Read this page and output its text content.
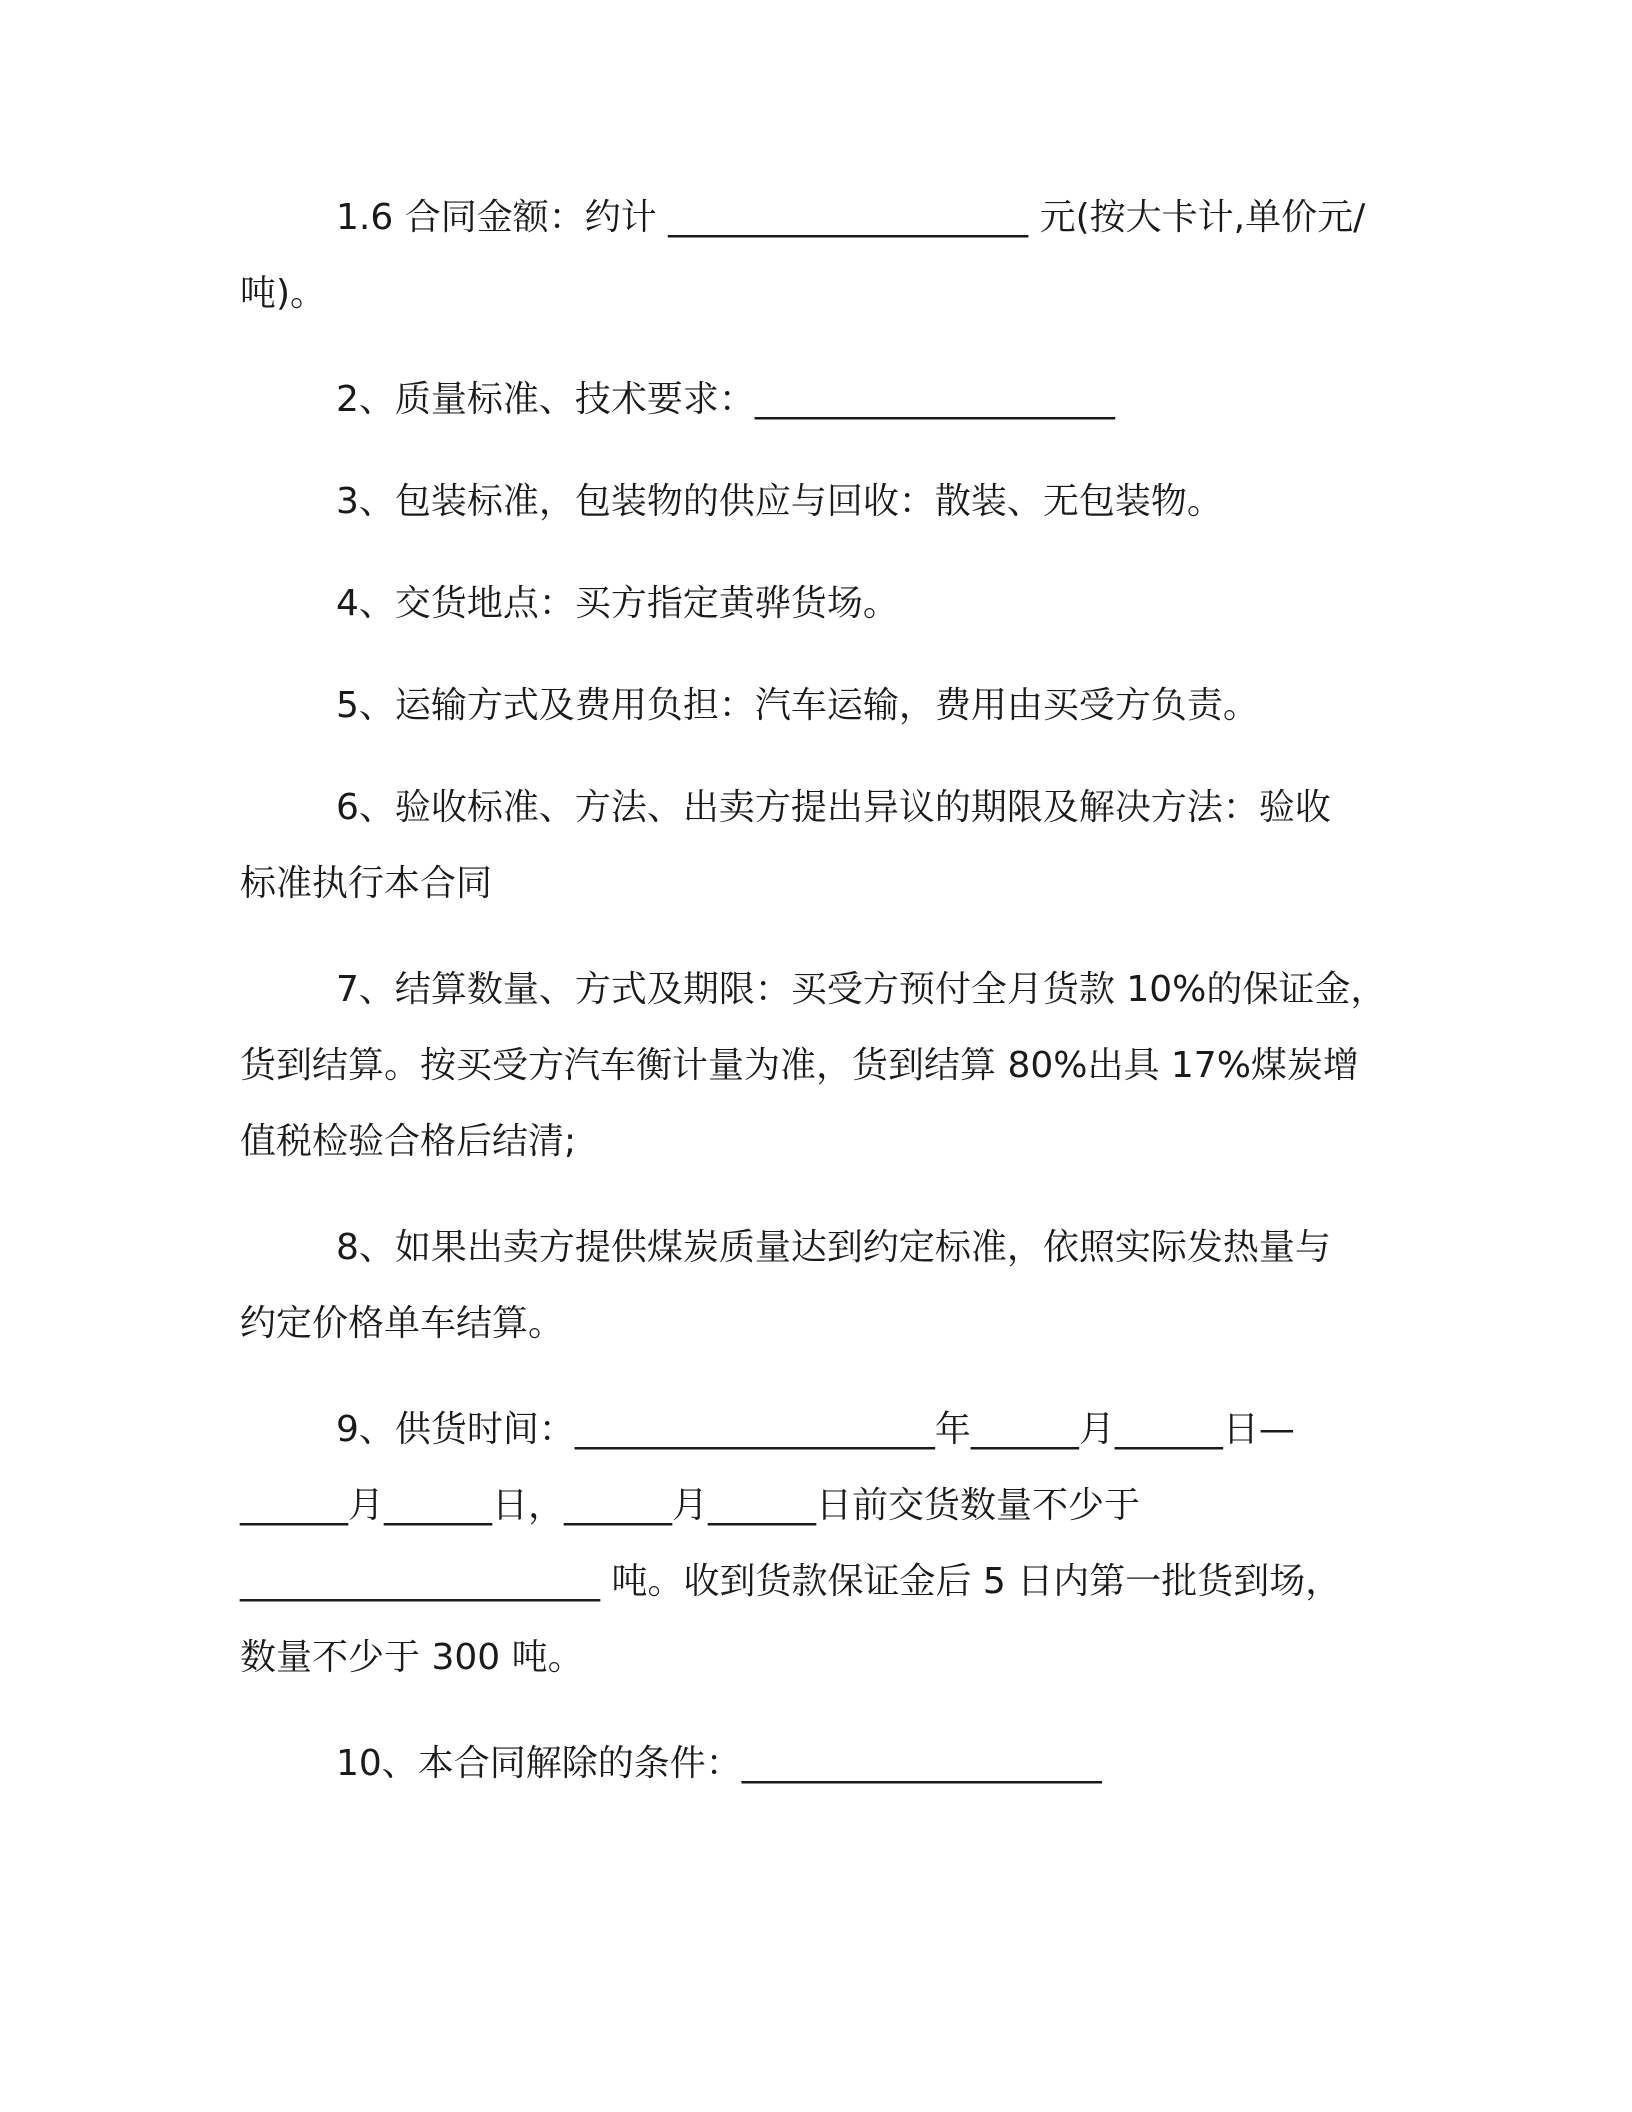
1.6 合同金额：约计 ____________________ 元(按大卡计,单价元/
吨)。
2、质量标准、技术要求：____________________
3、包装标准，包装物的供应与回收：散装、无包装物。
4、交货地点：买方指定黄骅货场。
5、运输方式及费用负担：汽车运输，费用由买受方负责。
6、验收标准、方法、出卖方提出异议的期限及解决方法：验收
标准执行本合同
7、结算数量、方式及期限：买受方预付全月货款 10%的保证金，
货到结算。按买受方汽车衡计量为准，货到结算 80%出具 17%煤炭增
值税检验合格后结清;
8、如果出卖方提供煤炭质量达到约定标准，依照实际发热量与
约定价格单车结算。
9、供货时间：____________________年______月______日—
______月______日，______月______日前交货数量不少于
____________________ 吨。收到货款保证金后 5 日内第一批货到场，
数量不少于 300 吨。
10、本合同解除的条件：____________________
